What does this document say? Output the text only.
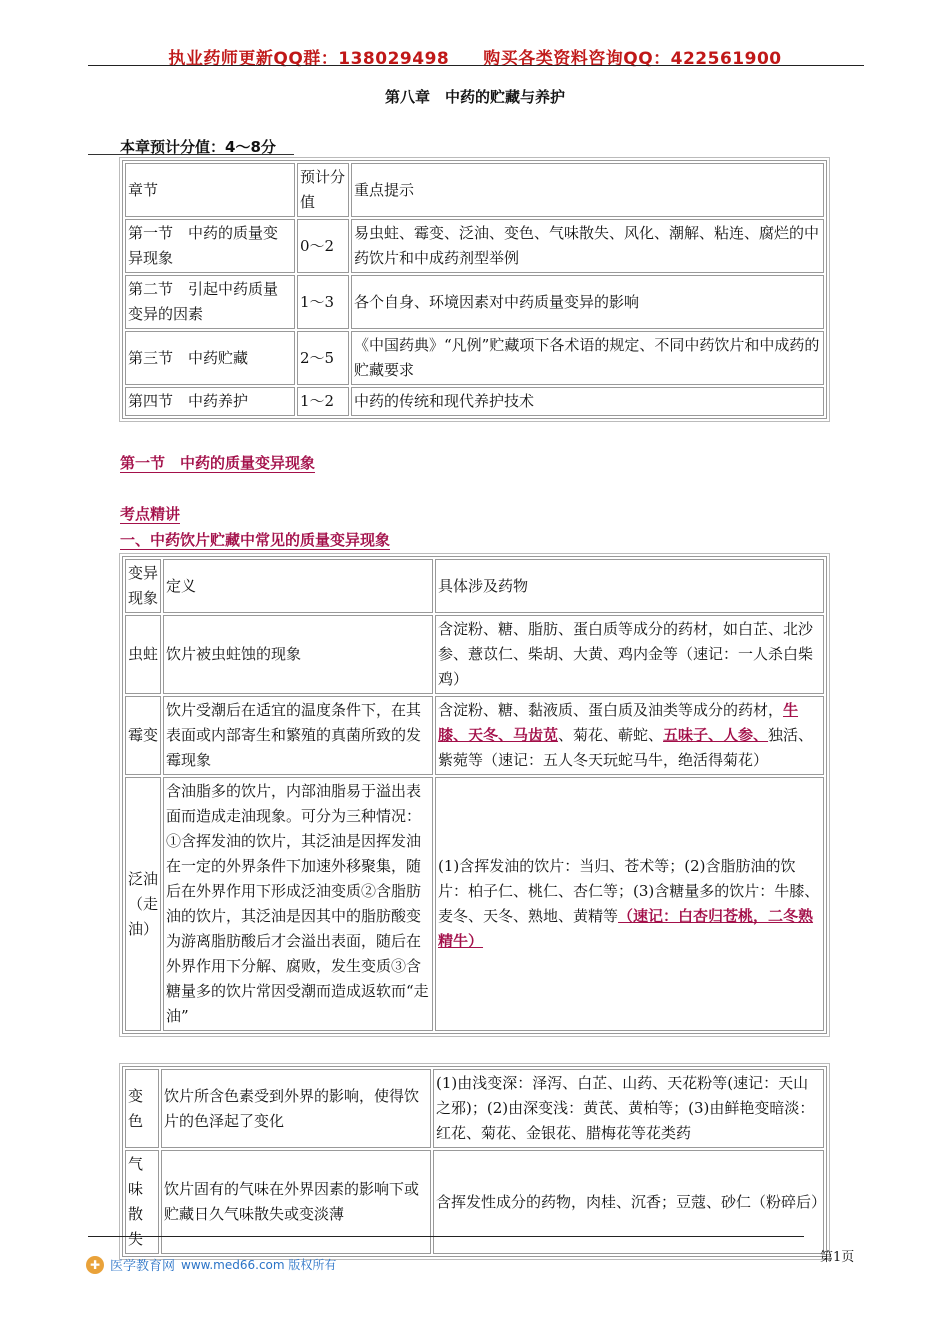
执业药师更新QQ群：138029498 购买各类资料咨询QQ：422561900
第八章　中药的贮藏与养护
本章预计分值：4～8分
章节	预计分值	重点提示
第一节　中药的质量变异现象	0～2	易虫蛀、霉变、泛油、变色、气味散失、风化、潮解、粘连、腐烂的中药饮片和中成药剂型举例
第二节　引起中药质量变异的因素	1～3	各个自身、环境因素对中药质量变异的影响
第三节　中药贮藏	2～5	《中国药典》“凡例”贮藏项下各术语的规定、不同中药饮片和中成药的贮藏要求
第四节　中药养护	1～2	中药的传统和现代养护技术
第一节　中药的质量变异现象
考点精讲
一、中药饮片贮藏中常见的质量变异现象
变异现象	定义	具体涉及药物
虫蛀	饮片被虫蛀蚀的现象	含淀粉、糖、脂肪、蛋白质等成分的药材，如白芷、北沙参、薏苡仁、柴胡、大黄、鸡内金等（速记：一人杀白柴鸡）
霉变	饮片受潮后在适宜的温度条件下，在其表面或内部寄生和繁殖的真菌所致的发霉现象	含淀粉、糖、黏液质、蛋白质及油类等成分的药材，牛膝、天冬、马齿苋、菊花、蕲蛇、五味子、人参、独活、紫菀等（速记：五人冬天玩蛇马牛，绝活得菊花）
泛油（走油）	含油脂多的饮片，内部油脂易于溢出表面而造成走油现象。可分为三种情况：①含挥发油的饮片，其泛油是因挥发油在一定的外界条件下加速外移聚集，随后在外界作用下形成泛油变质②含脂肪油的饮片，其泛油是因其中的脂肪酸变为游离脂肪酸后才会溢出表面，随后在外界作用下分解、腐败，发生变质③含糖量多的饮片常因受潮而造成返软而“走油”	(1)含挥发油的饮片：当归、苍术等；(2)含脂肪油的饮片：柏子仁、桃仁、杏仁等；(3)含糖量多的饮片：牛膝、麦冬、天冬、熟地、黄精等（速记：白杏归苍桃，二冬熟精牛）
变色	饮片所含色素受到外界的影响，使得饮片的色泽起了变化	(1)由浅变深：泽泻、白芷、山药、天花粉等(速记：天山之邪)；(2)由深变浅：黄芪、黄柏等；(3)由鲜艳变暗淡：红花、菊花、金银花、腊梅花等花类药
气味散失	饮片固有的气味在外界因素的影响下或贮藏日久气味散失或变淡薄	含挥发性成分的药物，肉桂、沉香；豆蔻、砂仁（粉碎后）
✚ 医学教育网 www.med66.com 版权所有	第1页
